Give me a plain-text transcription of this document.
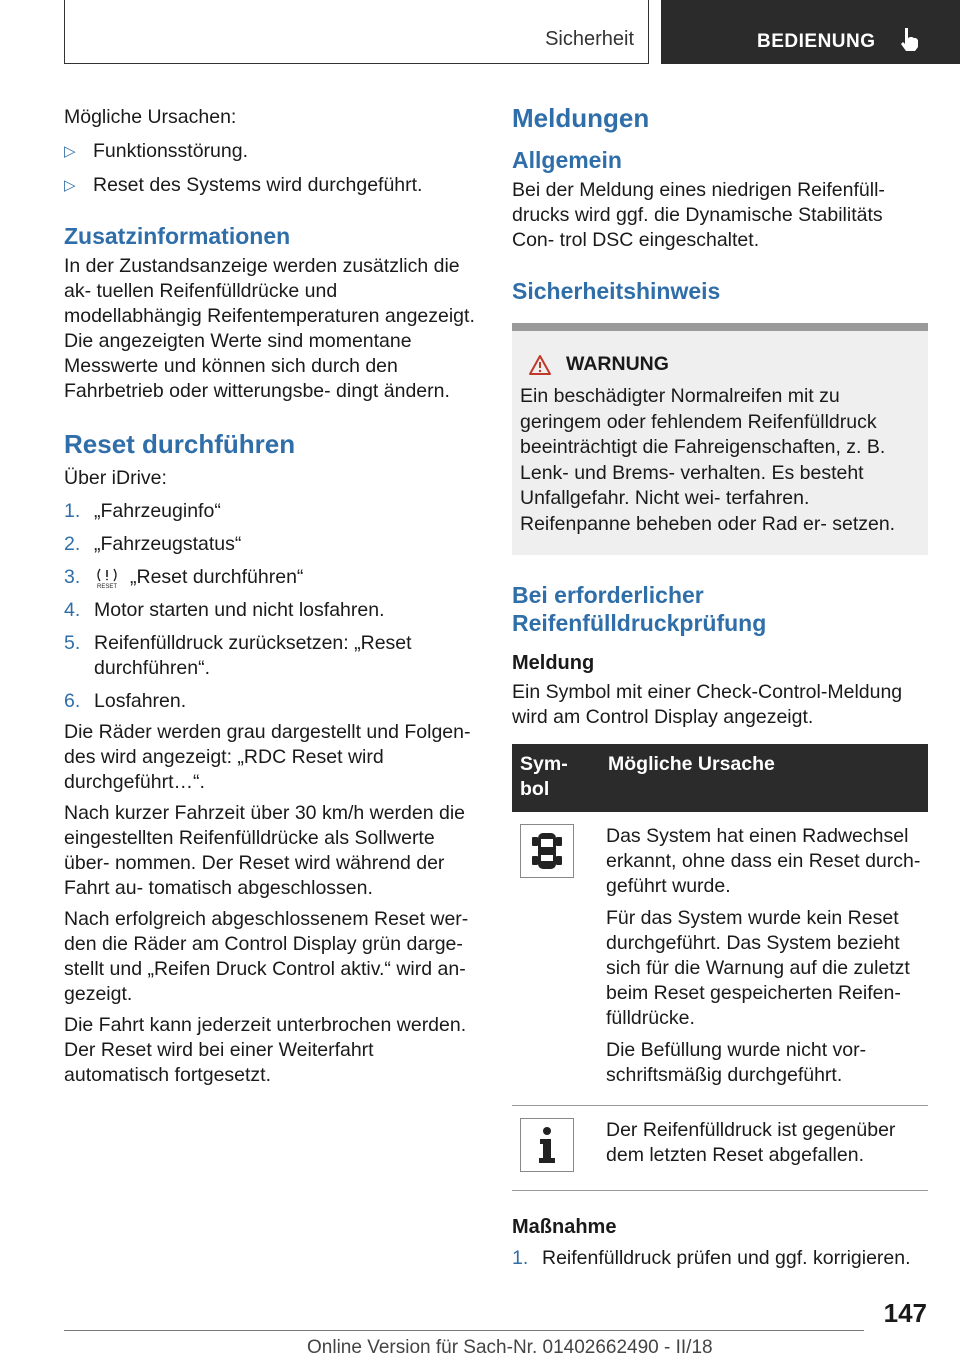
Sicherheit	BEDIENUNG

Mögliche Ursachen:

▷ Funktionsstörung.
▷ Reset des Systems wird durchgeführt.
Zusatzinformationen

In der Zustandsanzeige werden zusätzlich die ak‐ tuellen Reifenfülldrücke und modellabhängig Reifentemperaturen angezeigt. Die angezeigten Werte sind momentane Messwerte und können sich durch den Fahrbetrieb oder witterungsbe‐ dingt ändern.

Reset durchführen

Über iDrive:

1. „Fahrzeuginfo“
2. „Fahrzeugstatus“
3.	RESET „Reset durchführen“
4. Motor starten und nicht losfahren.
5. Reifenfülldruck zurücksetzen: „Reset durchführen“.
6. Losfahren.

Die Räder werden grau dargestellt und Folgen‐ des wird angezeigt: „RDC Reset wird durchgeführt…“.

Nach kurzer Fahrzeit über 30 km/h werden die eingestellten Reifenfülldrücke als Sollwerte über‐ nommen. Der Reset wird während der Fahrt au‐ tomatisch abgeschlossen.

Nach erfolgreich abgeschlossenem Reset wer‐ den die Räder am Control Display grün darge‐ stellt und „Reifen Druck Control aktiv.“ wird an‐ gezeigt.

Die Fahrt kann jederzeit unterbrochen werden. Der Reset wird bei einer Weiterfahrt automatisch fortgesetzt.

Meldungen
Allgemein

Bei der Meldung eines niedrigen Reifenfüll‐ drucks wird ggf. die Dynamische Stabilitäts Con‐ trol DSC eingeschaltet.

Sicherheitshinweis
WARNUNG

Ein beschädigter Normalreifen mit zu geringem oder fehlendem Reifenfülldruck beeinträchtigt die Fahreigenschaften, z. B. Lenk- und Brems‐ verhalten. Es besteht Unfallgefahr. Nicht wei‐ terfahren. Reifenpanne beheben oder Rad er‐ setzen.

Bei erforderlicher Reifenfülldruckprüfung

Meldung

Ein Symbol mit einer Check-Control-Meldung wird am Control Display angezeigt.

Sym‐ bol	Mögliche Ursache

Das System hat einen Radwechsel erkannt, ohne dass ein Reset durch‐ geführt wurde.

Für das System wurde kein Reset durchgeführt. Das System bezieht sich für die Warnung auf die zuletzt beim Reset gespeicherten Reifen‐ fülldrücke.

Die Befüllung wurde nicht vor‐ schriftsmäßig durchgeführt.

Der Reifenfülldruck ist gegenüber dem letzten Reset abgefallen.

Maßnahme

1. Reifenfülldruck prüfen und ggf. korrigieren.
147
Online Version für Sach-Nr. 01402662490 - II/18
